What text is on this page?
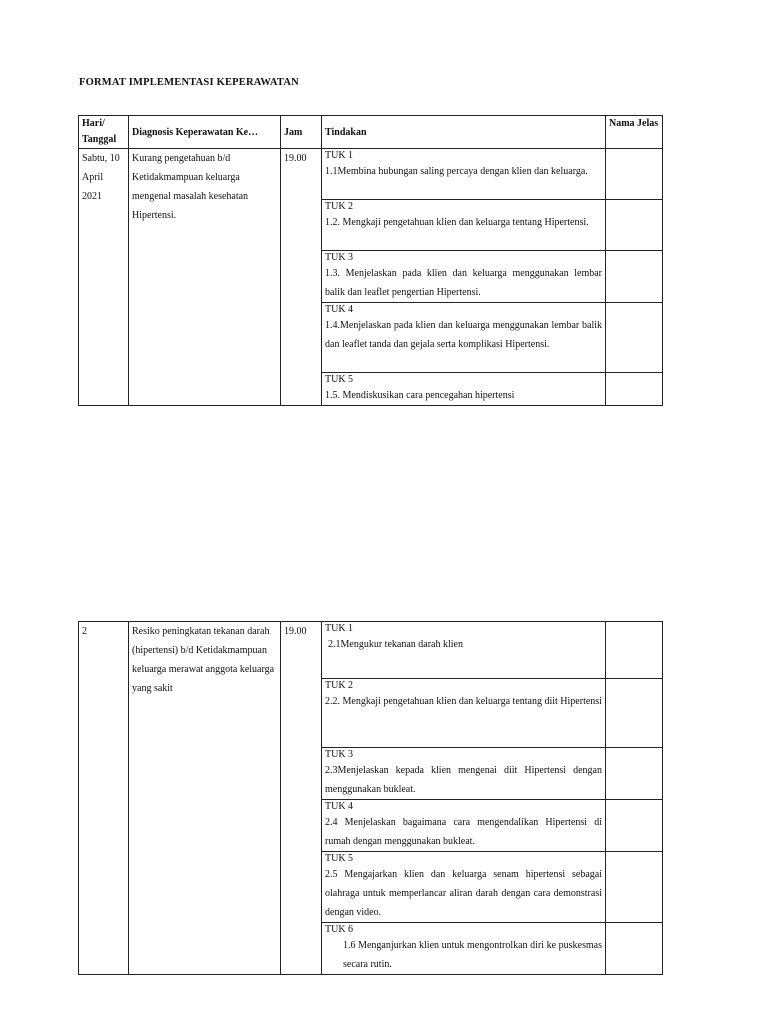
FORMAT IMPLEMENTASI KEPERAWATAN
Hari/ Tanggal	Diagnosis Keperawatan Ke…	Jam	Tindakan	Nama Jelas
Sabtu, 10 April 2021	Kurang pengetahuan b/d Ketidakmampuan keluarga mengenal masalah kesehatan Hipertensi.	19.00	TUK 1
1.1Membina hubungan saling percaya dengan klien dan keluarga.	

			TUK 2
1.2. Mengkaji pengetahuan klien dan keluarga tentang Hipertensi.	

			TUK 3
1.3. Menjelaskan pada klien dan keluarga menggunakan lembar balik dan leaflet pengertian Hipertensi.	

			TUK 4
1.4.Menjelaskan pada klien dan keluarga menggunakan lembar balik dan leaflet tanda dan gejala serta komplikasi Hipertensi.	

			TUK 5
1.5. Mendiskusikan cara pencegahan hipertensi	

2	Resiko peningkatan tekanan darah (hipertensi) b/d Ketidakmampuan keluarga merawat anggota keluarga yang sakit	19.00	TUK 1
2.1Mengukur tekanan darah klien	

			TUK 2
2.2. Mengkaji pengetahuan klien dan keluarga tentang diit Hipertensi	

			TUK 3
2.3Menjelaskan kepada klien mengenai diit Hipertensi dengan menggunakan bukleat.	

			TUK 4
2.4 Menjelaskan bagaimana cara mengendalikan Hipertensi di rumah dengan menggunakan bukleat.	

			TUK 5
2.5 Mengajarkan klien dan keluarga senam hipertensi sebagai olahraga untuk memperlancar aliran darah dengan cara demonstrasi dengan video.	

			TUK 6
1.6 Menganjurkan klien untuk mengontrolkan diri ke puskesmas secara rutin.	
